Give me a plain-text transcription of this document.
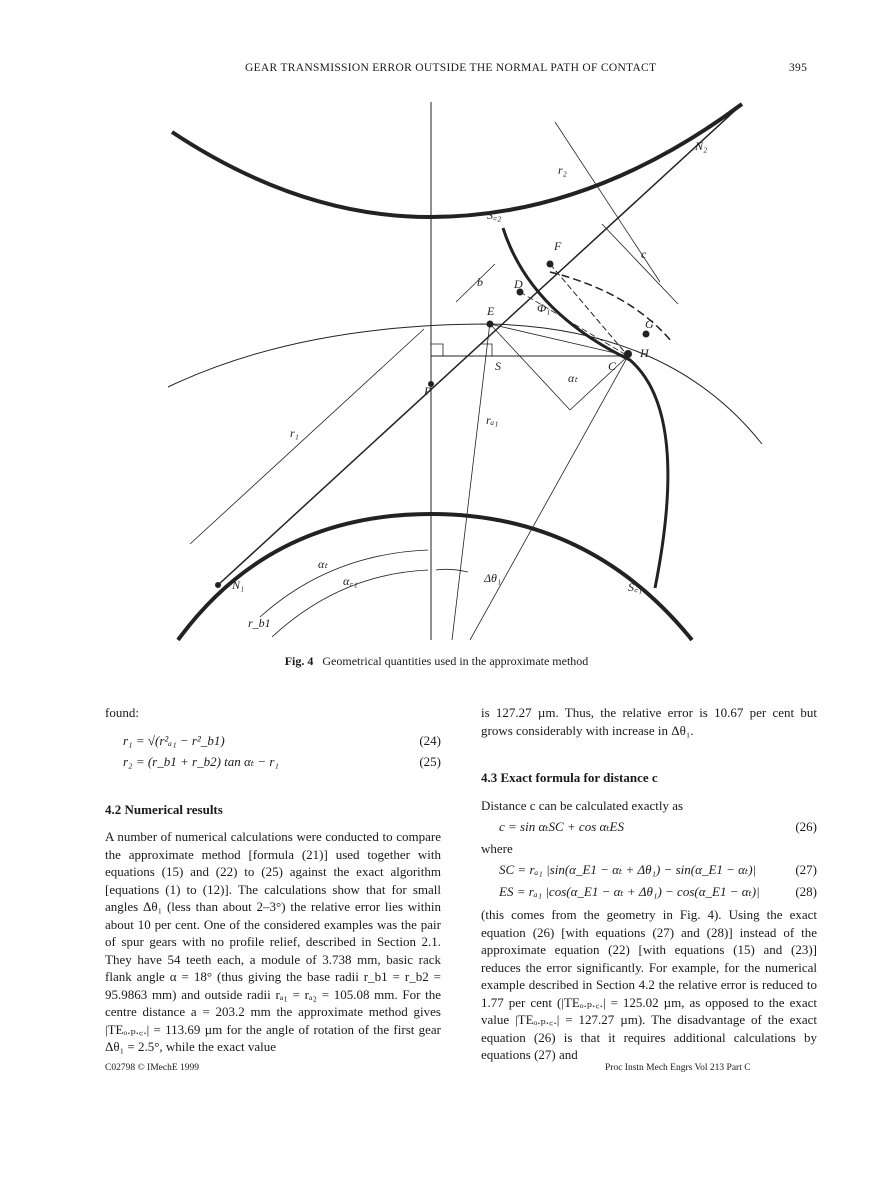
GEAR TRANSMISSION ERROR OUTSIDE THE NORMAL PATH OF CONTACT	395
N₂
r₂
S꜀₂
c
F
b	D
Φ₁
E
G
H
C
S
αₜ
P
rₐ₁
r₁
αₜ
α꜀₁	Δθ₁
N₁
r_b1
S꜀₁
Fig. 4 Geometrical quantities used in the approximate method

found:

r₁ = √(r²ₐ₁ − r²_b1)	(24)
r₂ = (r_b1 + r_b2) tan αₜ − r₁	(25)
4.2 Numerical results

A number of numerical calculations were conducted to compare the approximate method [formula (21)] used together with equations (15) and (22) to (25) against the exact algorithm [equations (1) to (12)]. The calculations show that for small angles Δθ₁ (less than about 2–3°) the relative error lies within about 10 per cent. One of the considered examples was the pair of spur gears with no profile relief, described in Section 2.1. They have 54 teeth each, a module of 3.738 mm, basic rack flank angle α = 18° (thus giving the base radii r_b1 = r_b2 = 95.9863 mm) and outside radii rₐ₁ = rₐ₂ = 105.08 mm. For the centre distance a = 203.2 mm the approximate method gives |TEₒ.ₚ.꜀.| = 113.69 µm for the angle of rotation of the first gear Δθ₁ = 2.5°, while the exact value

is 127.27 µm. Thus, the relative error is 10.67 per cent but grows considerably with increase in Δθ₁.

4.3 Exact formula for distance c

Distance c can be calculated exactly as

c = sin αₜSC + cos αₜES	(26)

where

SC = rₐ₁ |sin(α_E1 − αₜ + Δθ₁) − sin(α_E1 − αₜ)|	(27)
ES = rₐ₁ |cos(α_E1 − αₜ + Δθ₁) − cos(α_E1 − αₜ)|	(28)

(this comes from the geometry in Fig. 4). Using the exact equation (26) [with equations (27) and (28)] instead of the approximate equation (22) [with equations (15) and (23)] reduces the error significantly. For example, for the numerical example described in Section 4.2 the relative error is reduced to 1.77 per cent (|TEₒ.ₚ.꜀.| = 125.02 µm, as opposed to the exact value |TEₒ.ₚ.꜀.| = 127.27 µm). The disadvantage of the exact equation (26) is that it requires additional calculations by equations (27) and

C02798 © IMechE 1999	Proc Instn Mech Engrs Vol 213 Part C
